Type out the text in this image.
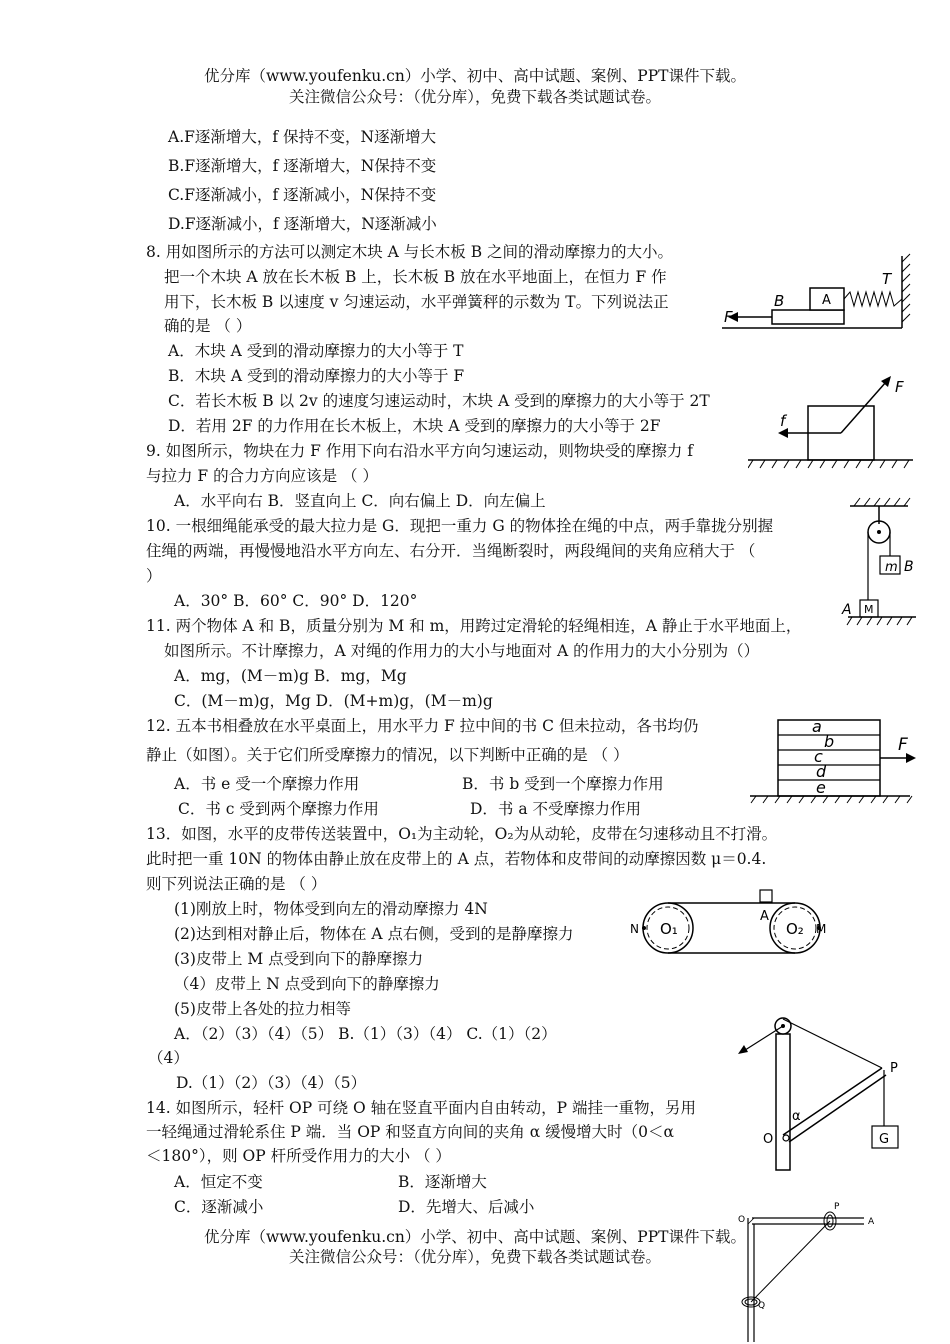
优分库（www.youfenku.cn）小学、初中、高中试题、案例、PPT课件下载。
关注微信公众号：（优分库），免费下载各类试题试卷。
A.F逐渐增大，f 保持不变，N逐渐增大
B.F逐渐增大，f 逐渐增大，N保持不变
C.F逐渐减小，f 逐渐减小，N保持不变
D.F逐渐减小，f 逐渐增大，N逐渐减小
8. 用如图所示的方法可以测定木块 A 与长木板 B 之间的滑动摩擦力的大小。
把一个木块 A 放在长木板 B 上，长木板 B 放在水平地面上，在恒力 F 作
用下，长木板 B 以速度 v 匀速运动，水平弹簧秤的示数为 T。下列说法正
确的是 （ ）
A．木块 A 受到的滑动摩擦力的大小等于 T
B．木块 A 受到的滑动摩擦力的大小等于 F
C．若长木板 B 以 2v 的速度匀速运动时，木块 A 受到的摩擦力的大小等于 2T
D．若用 2F 的力作用在长木板上，木块 A 受到的摩擦力的大小等于 2F
A
B
T
F
9. 如图所示，物块在力 F 作用下向右沿水平方向匀速运动，则物块受的摩擦力 f
与拉力 F 的合力方向应该是 （ ）
A．水平向右 B．竖直向上 C．向右偏上 D．向左偏上
F
f
10. 一根细绳能承受的最大拉力是 G．现把一重力 G 的物体拴在绳的中点，两手靠拢分别握
住绳的两端，再慢慢地沿水平方向左、右分开．当绳断裂时，两段绳间的夹角应稍大于 （
）
A．30° B．60° C．90° D．120°
m B
A M
11. 两个物体 A 和 B，质量分别为 M 和 m，用跨过定滑轮的轻绳相连，A 静止于水平地面上，
如图所示。不计摩擦力，A 对绳的作用力的大小与地面对 A 的作用力的大小分别为（）
A．mg，(M－m)g B．mg，Mg
C．(M－m)g，Mg D．(M+m)g，(M－m)g
12. 五本书相叠放在水平桌面上，用水平力 F 拉中间的书 C 但未拉动，各书均仍
静止（如图）。关于它们所受摩擦力的情况，以下判断中正确的是 （ ）
A．书 e 受一个摩擦力作用	B．书 b 受到一个摩擦力作用
C．书 c 受到两个摩擦力作用	D．书 a 不受摩擦力作用
a
b
c
d
e
F
13．如图，水平的皮带传送装置中，O₁为主动轮，O₂为从动轮，皮带在匀速移动且不打滑。
此时把一重 10N 的物体由静止放在皮带上的 A 点，若物体和皮带间的动摩擦因数 μ＝0.4.
则下列说法正确的是 （ ）
(1)刚放上时，物体受到向左的滑动摩擦力 4N
(2)达到相对静止后，物体在 A 点右侧，受到的是静摩擦力
(3)皮带上 M 点受到向下的静摩擦力
（4）皮带上 N 点受到向下的静摩擦力
(5)皮带上各处的拉力相等
A．（2）（3）（4）（5） B.（1）（3）（4） C.（1）（2）
（4）
D.（1）（2）（3）（4）（5）
N O₁	O₂ M
A
14. 如图所示，轻杆 OP 可绕 O 轴在竖直平面内自由转动，P 端挂一重物，另用
一轻绳通过滑轮系住 P 端．当 OP 和竖直方向间的夹角 α 缓慢增大时（0＜α
＜180°），则 OP 杆所受作用力的大小 （ ）
A．恒定不变	B．逐渐增大
C．逐渐减小	D．先增大、后减小
P
O
α
G
优分库（www.youfenku.cn）小学、初中、高中试题、案例、PPT课件下载。
关注微信公众号：（优分库），免费下载各类试题试卷。
O
P
A
Q
